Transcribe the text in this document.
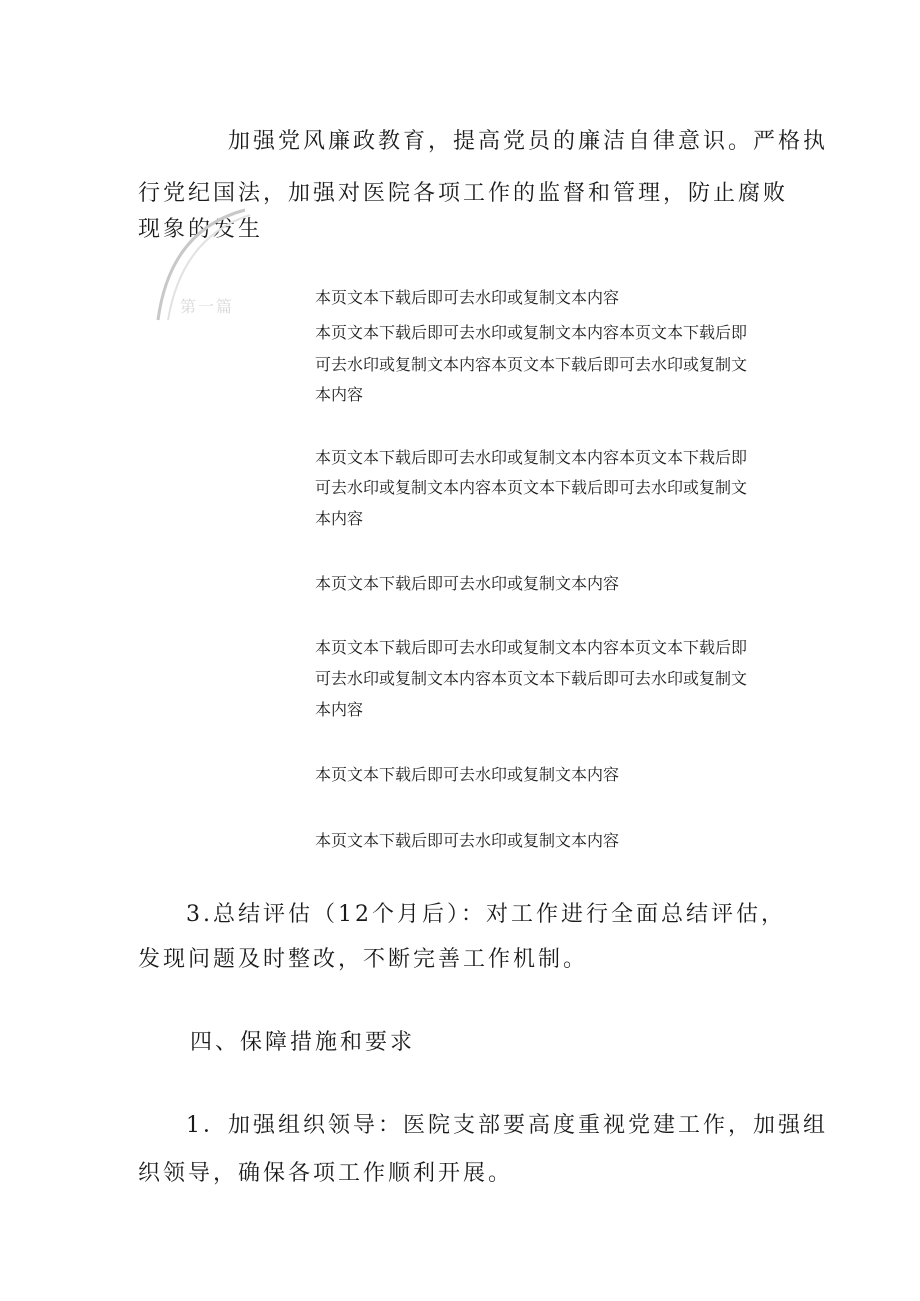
加强党风廉政教育，提高党员的廉洁自律意识。严格执

行党纪国法，加强对医院各项工作的监督和管理，防止腐败

现象的发生

第一篇	本页文本下载后即可去水印或复制文本内容

本页文本下载后即可去水印或复制文本内容本页文本下载后即

可去水印或复制文本内容本页文本下载后即可去水印或复制文

本内容

本页文本下载后即可去水印或复制文本内容本页文本下栽后即

可去水印或复制文本内容本页文本下载后即可去水印或复制文

本内容

本页文本下载后即可去水印或复制文本内容

本页文本下载后即可去水印或复制文本内容本页文本下载后即

可去水印或复制文本内容本页文本下载后即可去水印或复制文

本内容

本页文本下载后即可去水印或复制文本内容

本页文本下载后即可去水印或复制文本内容

3.总结评估（12个月后）：对工作进行全面总结评估，

发现问题及时整改，不断完善工作机制。

四、保障措施和要求

1．加强组织领导：医院支部要高度重视党建工作，加强组

织领导，确保各项工作顺利开展。
